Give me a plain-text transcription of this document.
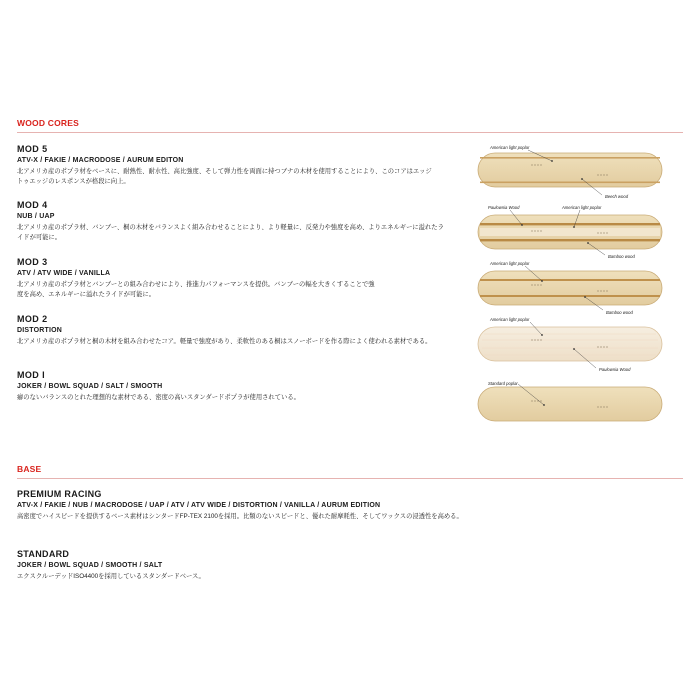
WOOD CORES

MOD 5

ATV-X / FAKIE / MACRODOSE / AURUM EDITON

北アメリカ産のポプラ材をベースに、耐熱性、耐水性、高比強度、そして弾力性を両面に持つブナの木材を使用することにより、このコアはエッジ
トゥエッジのレスポンスが格段に向上。

MOD 4

NUB / UAP

北アメリカ産のポプラ材、バンブー、桐の木材をバランスよく組み合わせることにより、より軽量に、反発力や強度を高め、よりエネルギーに溢れたラ
イドが可能に。

MOD 3

ATV / ATV WIDE / VANILLA

北アメリカ産のポプラ材とバンブーとの組み合わせにより、推進力パフォーマンスを提供。バンブーの幅を大きくすることで強
度を高め、エネルギーに溢れたライドが可能に。

MOD 2

DISTORTION

北アメリカ産のポプラ材と桐の木材を組み合わせたコア。軽量で強度があり、柔軟性のある桐はスノーボードを作る際によく使われる素材である。

MOD I

JOKER / BOWL SQUAD / SALT / SMOOTH

癖のないバランスのとれた理想的な素材である、密度の高いスタンダードポプラが使用されている。

American light poplar
Beech wood
Paulownia Wood	American light poplar
Bamboo wood
American light poplar
Bamboo wood
American light poplar
Paulownia Wood
Standard poplar
BASE

PREMIUM RACING

ATV-X / FAKIE / NUB / MACRODOSE / UAP / ATV / ATV WIDE / DISTORTION / VANILLA / AURUM EDITION

高密度でハイスピードを提供するベース素材はシンタードFP-TEX 2100を採用。比類のないスピードと、優れた耐摩耗性、そしてワックスの浸透性を高める。

STANDARD

JOKER / BOWL SQUAD / SMOOTH / SALT

エクスクルーデッドISO4400を採用しているスタンダードベース。
